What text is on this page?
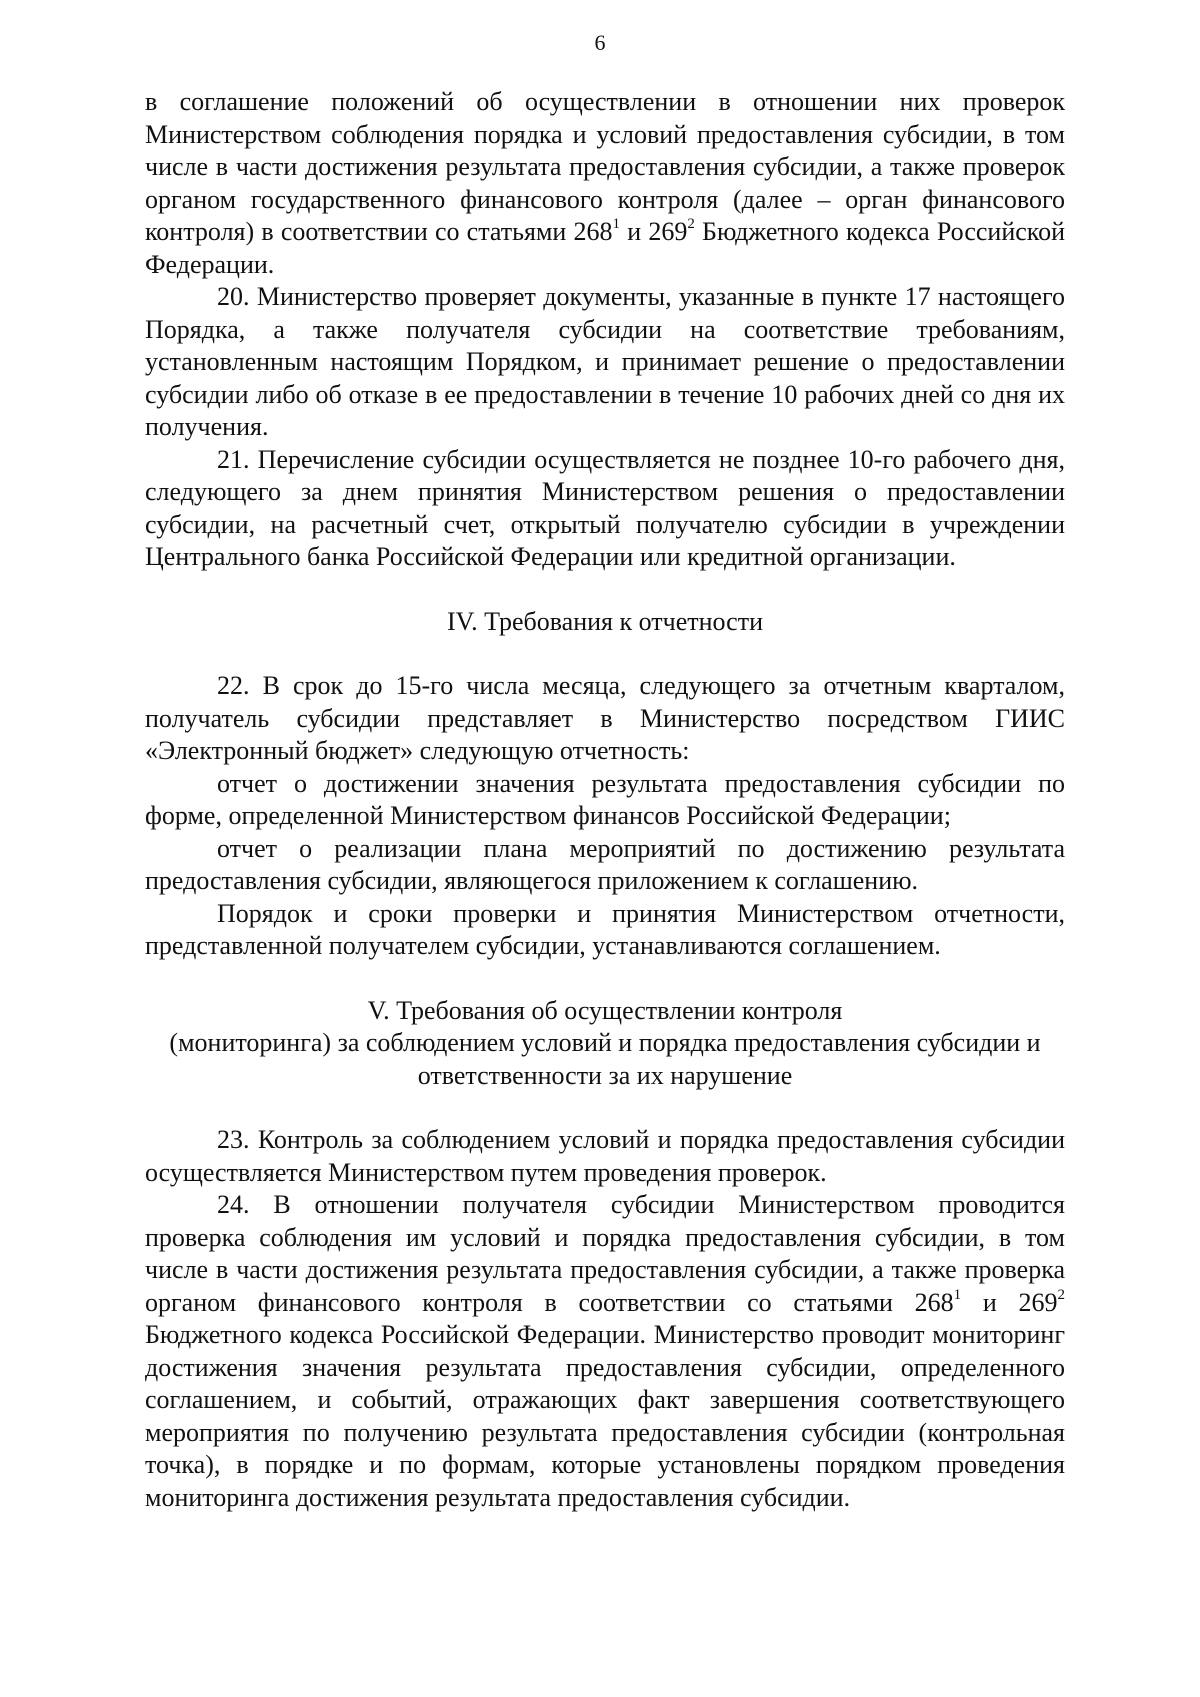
6

в соглашение положений об осуществлении в отношении них проверок Министерством соблюдения порядка и условий предоставления субсидии, в том числе в части достижения результата предоставления субсидии, а также проверок органом государственного финансового контроля (далее – орган финансового контроля) в соответствии со статьями $268^1$ и $269^2$ Бюджетного кодекса Российской Федерации.

20. Министерство проверяет документы, указанные в пункте 17 настоящего Порядка, а также получателя субсидии на соответствие требованиям, установленным настоящим Порядком, и принимает решение о предоставлении субсидии либо об отказе в ее предоставлении в течение 10 рабочих дней со дня их получения.

21. Перечисление субсидии осуществляется не позднее 10-го рабочего дня, следующего за днем принятия Министерством решения о предоставлении субсидии, на расчетный счет, открытый получателю субсидии в учреждении Центрального банка Российской Федерации или кредитной организации.

IV. Требования к отчетности

22. В срок до 15-го числа месяца, следующего за отчетным кварталом, получатель субсидии представляет в Министерство посредством ГИИС «Электронный бюджет» следующую отчетность:

отчет о достижении значения результата предоставления субсидии по форме, определенной Министерством финансов Российской Федерации;

отчет о реализации плана мероприятий по достижению результата предоставления субсидии, являющегося приложением к соглашению.

Порядок и сроки проверки и принятия Министерством отчетности, представленной получателем субсидии, устанавливаются соглашением.

V. Требования об осуществлении контроля
(мониторинга) за соблюдением условий и порядка предоставления субсидии и
ответственности за их нарушение

23. Контроль за соблюдением условий и порядка предоставления субсидии осуществляется Министерством путем проведения проверок.

24. В отношении получателя субсидии Министерством проводится проверка соблюдения им условий и порядка предоставления субсидии, в том числе в части достижения результата предоставления субсидии, а также проверка органом финансового контроля в соответствии со статьями $268^1$ и $269^2$ Бюджетного кодекса Российской Федерации. Министерство проводит мониторинг достижения значения результата предоставления субсидии, определенного соглашением, и событий, отражающих факт завершения соответствующего мероприятия по получению результата предоставления субсидии (контрольная точка), в порядке и по формам, которые установлены порядком проведения мониторинга достижения результата предоставления субсидии.
